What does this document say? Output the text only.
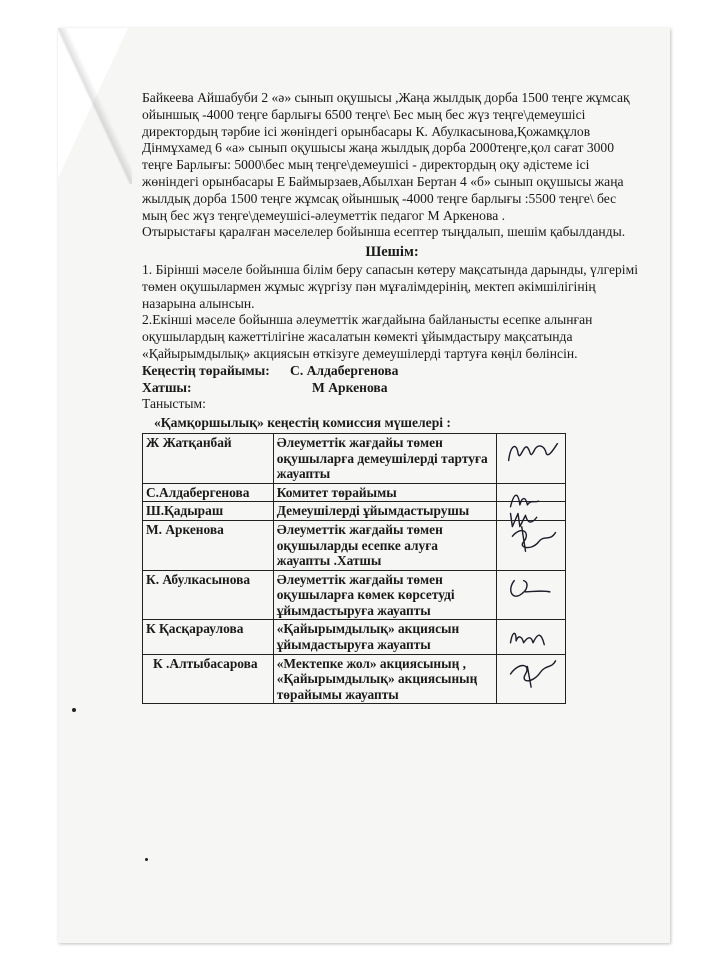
Байкеева Айшабуби 2 «ә» сынып оқушысы ,Жаңа жылдық дорба 1500 теңге жұмсақ ойыншық -4000 теңге барлығы 6500 теңге\ Бес мың бес жүз теңге\демеушісі директордың тәрбие ісі жөніндегі орынбасары К. Абулкасынова,Қожамқұлов Дінмұхамед 6 «а» сынып оқушысы жаңа жылдық дорба 2000теңге,қол сағат 3000 теңге Барлығы: 5000\бес мың теңге\демеушісі - директордың оқу әдістеме ісі жөніндегі орынбасары Е Баймырзаев,Абылхан Бертан 4 «б» сынып оқушысы жаңа жылдық дорба 1500 теңге жұмсақ ойыншық -4000 теңге барлығы :5500 теңге\ бес мың бес жүз теңге\демеушісі-әлеуметтік педагог М Аркенова .

Отырыстағы қаралған мәселелер бойынша есептер тыңдалып, шешім қабылданды.

Шешім:

1. Бірінші мәселе бойынша білім беру сапасын көтеру мақсатында дарынды, үлгерімі төмен оқушылармен жұмыс жүргізу пән мұғалімдерінің, мектеп әкімшілігінің назарына алынсын.

2.Екінші мәселе бойынша әлеуметтік жағдайына байланысты есепке алынған оқушылардың кажеттілігіне жасалатын көмекті ұйымдастыру мақсатында «Қайырымдылық» акциясын өткізуге демеушілерді тартуға көңіл бөлінсін.

Кеңестің төрайымы: С. Алдабергенова
Хатшы:	М Аркенова
Таныстым:
«Қамқоршылық» кеңестің комиссия мүшелері :
Ж Жатқанбай	Әлеуметтік жағдайы төмен оқушыларға демеушілерді тартуға жауапты	

С.Алдабергенова	Комитет төрайымы	

Ш.Қадыраш	Демеушілерді ұйымдастырушы	

М. Аркенова	Әлеуметтік жағдайы төмен оқушыларды есепке алуға жауапты .Хатшы	

К. Абулкасынова	Әлеуметтік жағдайы төмен оқушыларға көмек көрсетуді ұйымдастыруға жауапты	

К Қасқараулова	«Қайырымдылық» акциясын ұйымдастыруға жауапты	

К .Алтыбасарова	«Мектепке жол» акциясының , «Қайырымдылық» акциясының төрайымы жауапты	
